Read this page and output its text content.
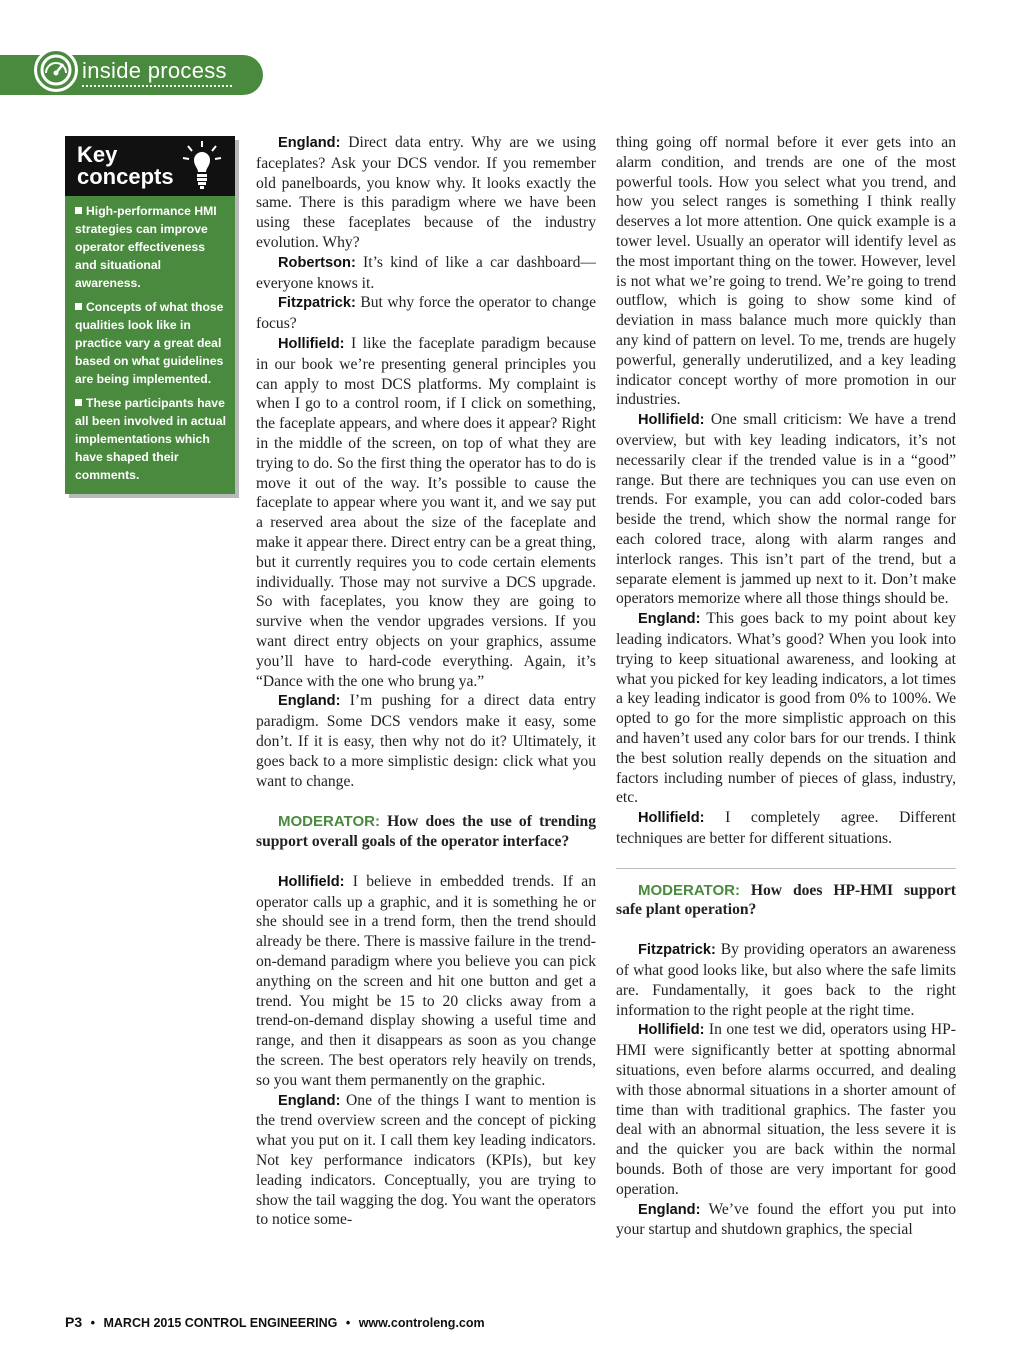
inside process
Key
concepts
High-performance HMI strategies can improve operator effectiveness and situational awareness.
Concepts of what those qualities look like in practice vary a great deal based on what guidelines are being implemented.
These participants have all been involved in actual implementations which have shaped their comments.

England: Direct data entry. Why are we using faceplates? Ask your DCS vendor. If you remember old panelboards, you know why. It looks exactly the same. There is this paradigm where we have been using these faceplates because of the industry evolution. Why?

Robertson: It’s kind of like a car dashboard—everyone knows it.

Fitzpatrick: But why force the operator to change focus?

Hollifield: I like the faceplate paradigm because in our book we’re presenting general principles you can apply to most DCS platforms. My complaint is when I go to a control room, if I click on something, the faceplate appears, and where does it appear? Right in the middle of the screen, on top of what they are trying to do. So the first thing the operator has to do is move it out of the way. It’s possible to cause the faceplate to appear where you want it, and we say put a reserved area about the size of the faceplate and make it appear there. Direct entry can be a great thing, but it currently requires you to code certain elements individually. Those may not survive a DCS upgrade. So with faceplates, you know they are going to survive when the vendor upgrades versions. If you want direct entry objects on your graphics, assume you’ll have to hard-code everything. Again, it’s “Dance with the one who brung ya.”

England: I’m pushing for a direct data entry paradigm. Some DCS vendors make it easy, some don’t. If it is easy, then why not do it? Ultimately, it goes back to a more simplistic design: click what you want to change.

MODERATOR: How does the use of trending support overall goals of the operator interface?

Hollifield: I believe in embedded trends. If an operator calls up a graphic, and it is something he or she should see in a trend form, then the trend should already be there. There is massive failure in the trend-on-demand paradigm where you believe you can pick anything on the screen and hit one button and get a trend. You might be 15 to 20 clicks away from a trend-on-demand display showing a useful time and range, and then it disappears as soon as you change the screen. The best operators rely heavily on trends, so you want them permanently on the graphic.

England: One of the things I want to mention is the trend overview screen and the concept of picking what you put on it. I call them key leading indicators. Not key performance indicators (KPIs), but key leading indicators. Conceptually, you are trying to show the tail wagging the dog. You want the operators to notice some-

thing going off normal before it ever gets into an alarm condition, and trends are one of the most powerful tools. How you select what you trend, and how you select ranges is something I think really deserves a lot more attention. One quick example is a tower level. Usually an operator will identify level as the most important thing on the tower. However, level is not what we’re going to trend. We’re going to trend outflow, which is going to show some kind of deviation in mass balance much more quickly than any kind of pattern on level. To me, trends are hugely powerful, generally underutilized, and a key leading indicator concept worthy of more promotion in our industries.

Hollifield: One small criticism: We have a trend overview, but with key leading indicators, it’s not necessarily clear if the trended value is in a “good” range. But there are techniques you can use even on trends. For example, you can add color-coded bars beside the trend, which show the normal range for each colored trace, along with alarm ranges and interlock ranges. This isn’t part of the trend, but a separate element is jammed up next to it. Don’t make operators memorize where all those things should be.

England: This goes back to my point about key leading indicators. What’s good? When you look into trying to keep situational awareness, and looking at what you picked for key leading indicators, a lot times a key leading indicator is good from 0% to 100%. We opted to go for the more simplistic approach on this and haven’t used any color bars for our trends. I think the best solution really depends on the situation and factors including number of pieces of glass, industry, etc.

Hollifield: I completely agree. Different techniques are better for different situations.

MODERATOR: How does HP-HMI support safe plant operation?

Fitzpatrick: By providing operators an awareness of what good looks like, but also where the safe limits are. Fundamentally, it goes back to the right information to the right people at the right time.

Hollifield: In one test we did, operators using HP-HMI were significantly better at spotting abnormal situations, even before alarms occurred, and dealing with those abnormal situations in a shorter amount of time than with traditional graphics. The faster you deal with an abnormal situation, the less severe it is and the quicker you are back within the normal bounds. Both of those are very important for good operation.

England: We’ve found the effort you put into your startup and shutdown graphics, the special

P3 • MARCH 2015 CONTROL ENGINEERING • www.controleng.com
